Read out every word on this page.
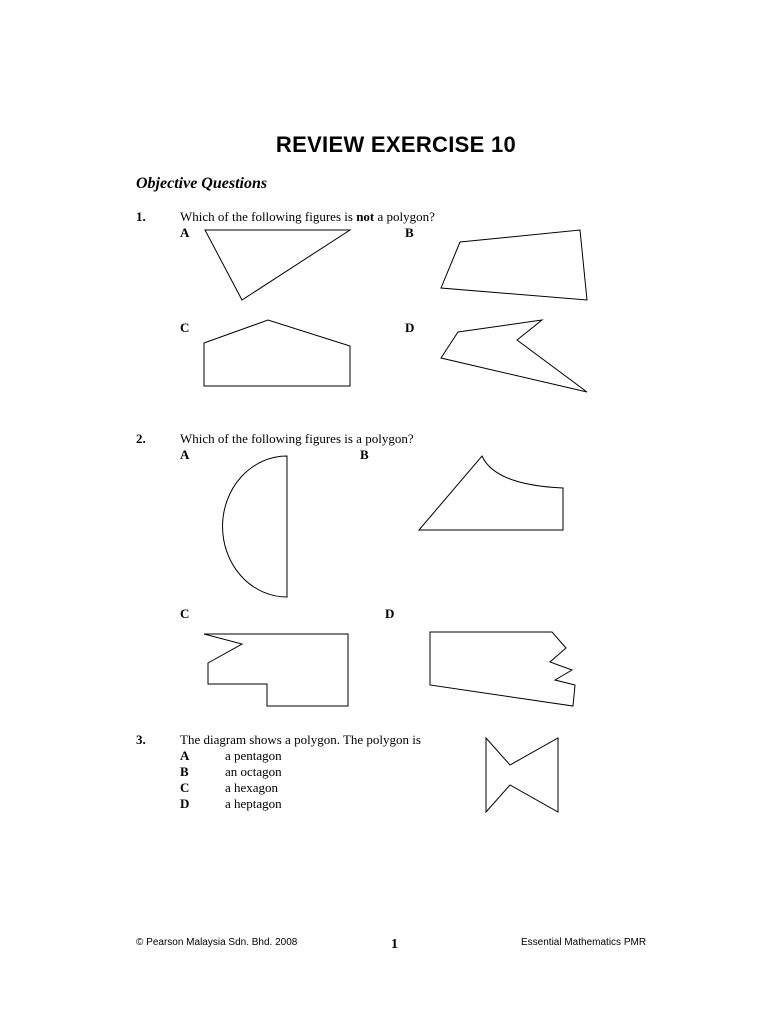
REVIEW EXERCISE 10
Objective Questions
1.	Which of the following figures is not a polygon?
A	B
C	D
2.	Which of the following figures is a polygon?
A	B
C	D
3.	The diagram shows a polygon. The polygon is
A	a pentagon
B	an octagon
C	a hexagon
D	a heptagon
© Pearson Malaysia Sdn. Bhd. 2008	1	Essential Mathematics PMR
